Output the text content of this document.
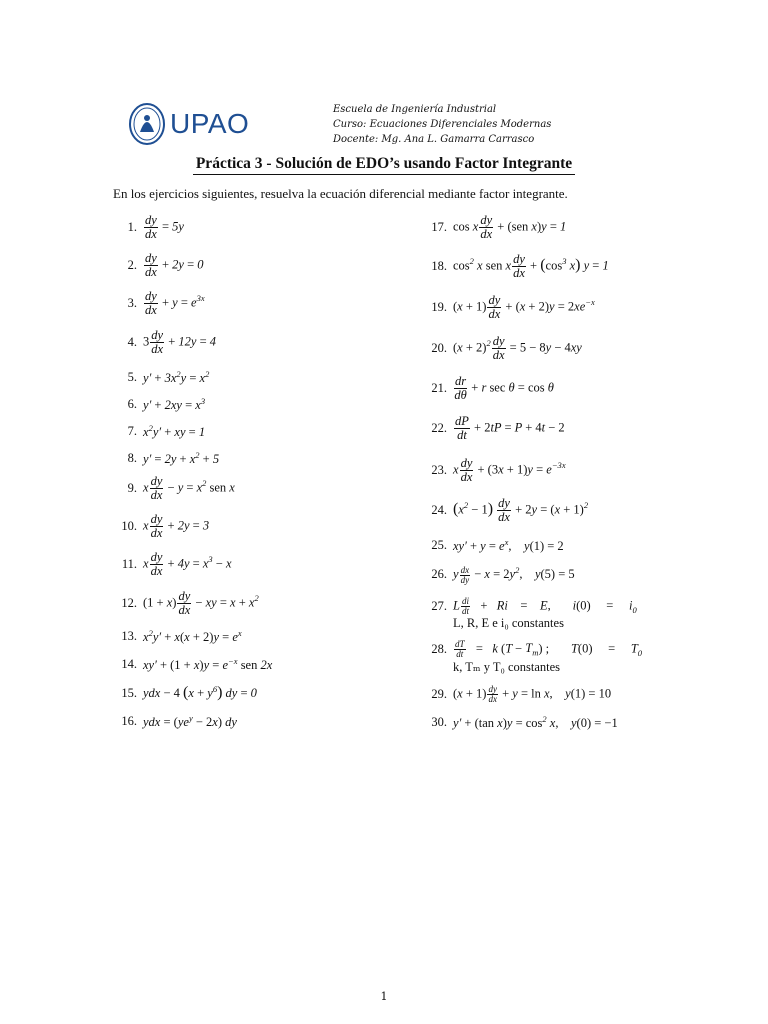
UPAO	Escuela de Ingeniería Industrial
Curso: Ecuaciones Diferenciales Modernas
Docente: Mg. Ana L. Gamarra Carrasco
Práctica 3 - Solución de EDO’s usando Factor Integrante
En los ejercicios siguientes, resuelva la ecuación diferencial mediante factor integrante.
1. $\frac{dy}{dx} = 5y$
2. $\frac{dy}{dx} + 2y = 0$
3. $\frac{dy}{dx} + y = e^{3x}$
4. $3 \frac{dy}{dx} + 12y = 4$
5. $y' + 3x^2y = x^2$
6. $y' + 2xy = x^3$
7. $x^2y'$ + xy = 1
8. $y' = 2y + x^2 + 5$
9. x $\frac{dy}{dx} - y = x^2$ sen x
10. x $\frac{dy}{dx} + 2y = 3$
11. x $\frac{dy}{dx} + 4y = x^3 - x$
12. $(1 + x) \frac{dy}{dx}$ − xy = $x + x^2$
13. $x^2y' + x(x + 2)y = e^x$
14. $xy' + (1 + x)y = e^{-x}$ sen 2x
15. ydx − 4 $(x + y^6)$ dy = 0
16. ydx = $(ye^y - 2x)$ dy
17. cos x $\frac{dy}{dx} + (sen$ x)y = 1
18. $\cos^2 x$ sen x $\frac{dy}{dx} + (\cos^3$ x) y = 1
19. $(x + 1) \frac{dy}{dx} + (x + 2)y = 2xe^{-x}$
20. $(x + 2)^2 \frac{dy}{dx} = 5 - 8y - 4xy$
21. $\frac{dr}{d\theta} + r$ sec θ = cos θ
22. $\frac{dP}{dt} + 2tP = P + 4t - 2$
23. x $\frac{dy}{dx} + (3x + 1)y = e^{-3x}$
24. $(x^2 - 1) \frac{dy}{dx} + 2y = (x + 1)^2$
25. $xy' + y = e^x$, y(1) = 2
26. y $\frac{dx}{dy} - x = 2y^2$, y(5) = 5
27. L $\frac{di}{dt} + Ri = E$, $i(0) = i_0$
L, R, E e i₀ constantes
28. $\frac{dT}{dt} = k$ $(T - T_m)$ ; $T(0) = T_0$
k, Tₘ y T₀ constantes
29. $(x + 1) \frac{dy}{dx} + y = \ln x$, y(1) = 10
30. y′ + (tan $x)y = \cos^2 x$, y(0) = −1
1
